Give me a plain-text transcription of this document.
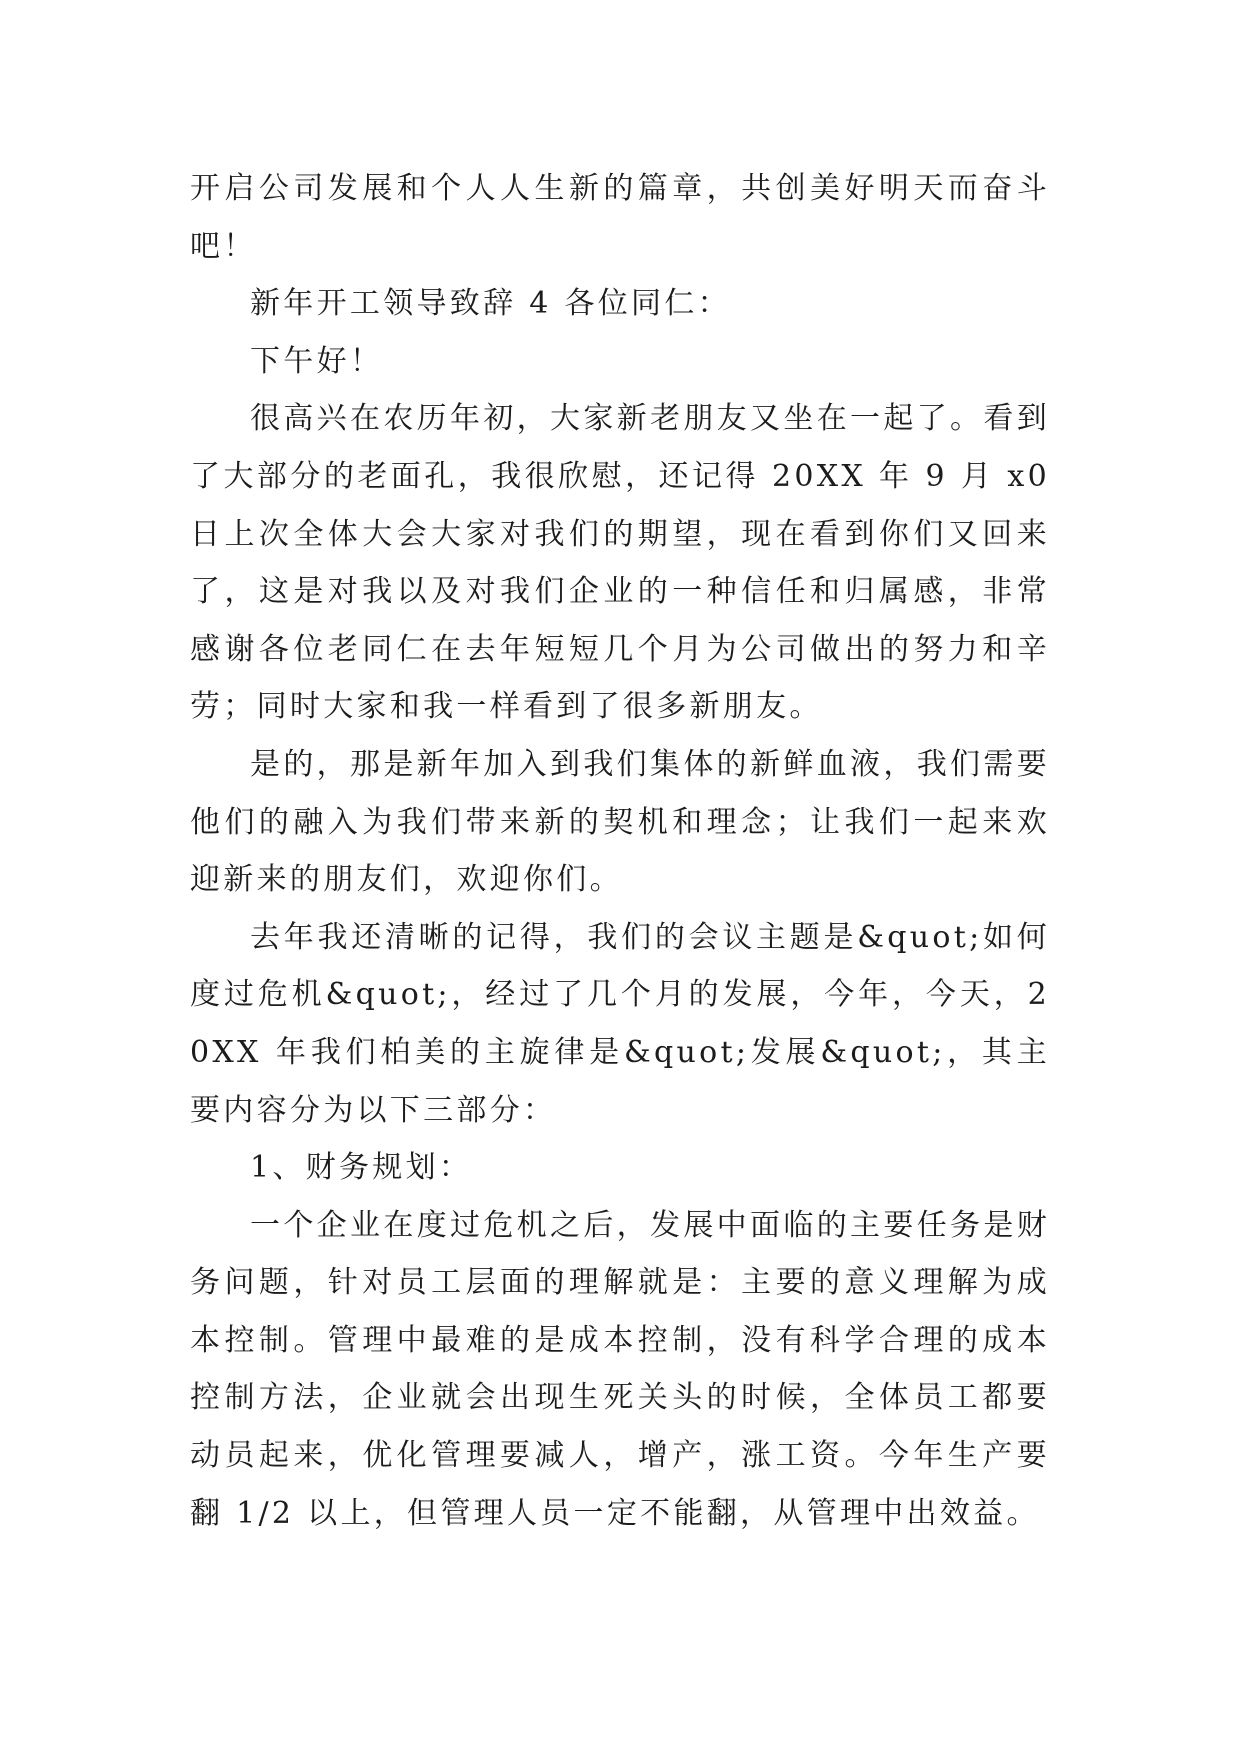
开启公司发展和个人人生新的篇章，共创美好明天而奋斗吧！

新年开工领导致辞 4 各位同仁：

下午好！

很高兴在农历年初，大家新老朋友又坐在一起了。看到了大部分的老面孔，我很欣慰，还记得 20XX 年 9 月 x0 日上次全体大会大家对我们的期望，现在看到你们又回来了，这是对我以及对我们企业的一种信任和归属感，非常感谢各位老同仁在去年短短几个月为公司做出的努力和辛劳；同时大家和我一样看到了很多新朋友。

是的，那是新年加入到我们集体的新鲜血液，我们需要他们的融入为我们带来新的契机和理念；让我们一起来欢迎新来的朋友们，欢迎你们。

去年我还清晰的记得，我们的会议主题是&quot;如何度过危机&quot;，经过了几个月的发展，今年，今天，20XX 年我们柏美的主旋律是&quot;发展&quot;，其主要内容分为以下三部分：

1、财务规划：

一个企业在度过危机之后，发展中面临的主要任务是财务问题，针对员工层面的理解就是：主要的意义理解为成本控制。管理中最难的是成本控制，没有科学合理的成本控制方法，企业就会出现生死关头的时候，全体员工都要动员起来，优化管理要减人，增产，涨工资。今年生产要翻 1/2 以上，但管理人员一定不能翻，从管理中出效益。
